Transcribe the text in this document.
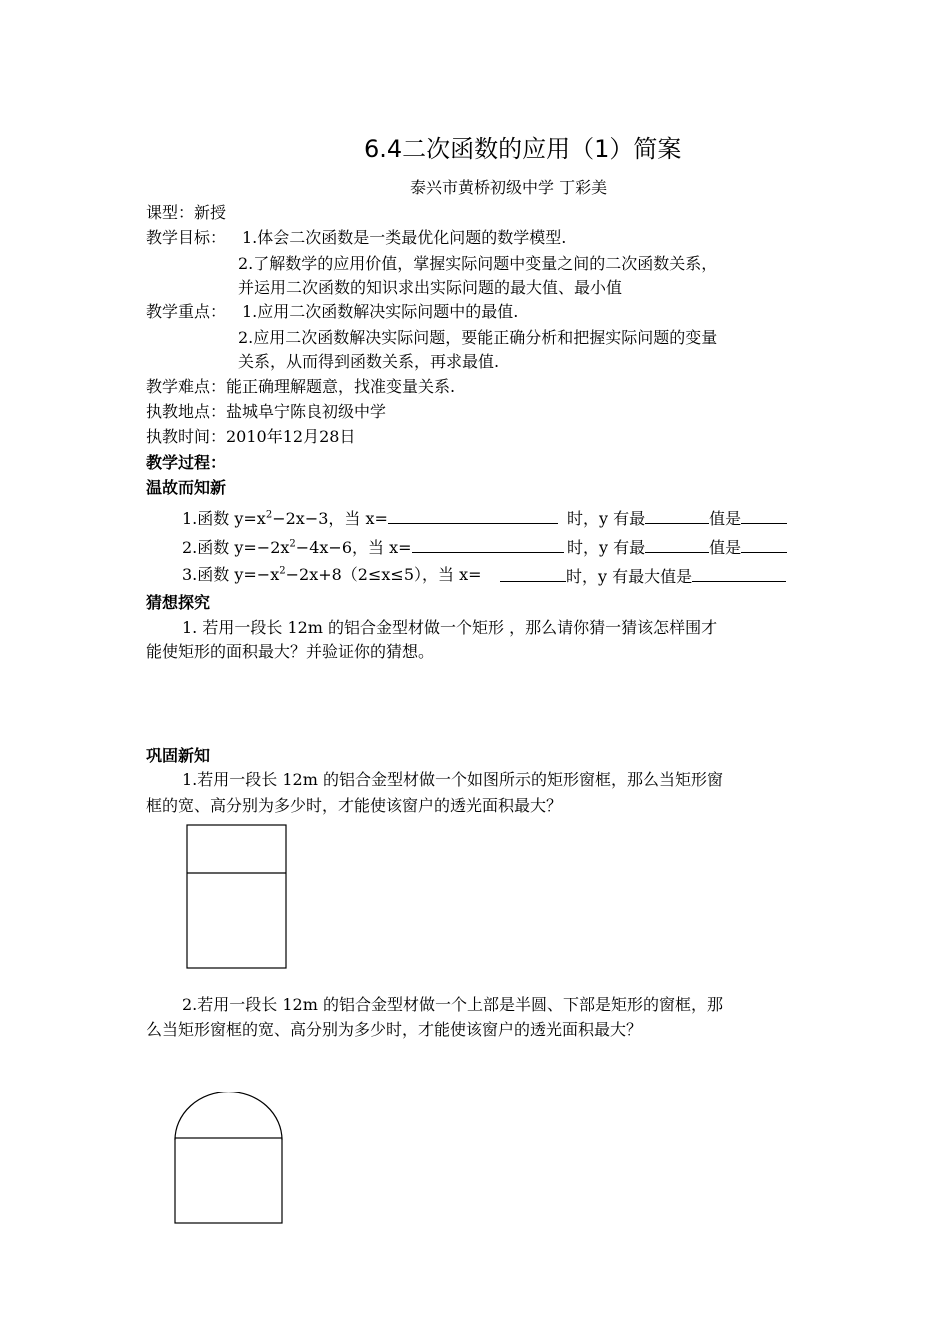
6.4二次函数的应用（1）简案
泰兴市黄桥初级中学 丁彩美
课型：新授
教学目标： 1.体会二次函数是一类最优化问题的数学模型.
2.了解数学的应用价值，掌握实际问题中变量之间的二次函数关系，
并运用二次函数的知识求出实际问题的最大值、最小值
教学重点： 1.应用二次函数解决实际问题中的最值.
2.应用二次函数解决实际问题，要能正确分析和把握实际问题的变量
关系，从而得到函数关系，再求最值.
教学难点：能正确理解题意，找准变量关系.
执教地点：盐城阜宁陈良初级中学
执教时间：2010年12月28日
教学过程：
温故而知新
1.函数 $y=x^2-2x-3$，当 x=	时，y 有最	值是
2.函数 $y=-2x^2-4x-6$，当 x=	时，y 有最	值是
3.函数 $y=-x^2-2x+8(2\le x\le 5)$，当 x=	时，y 有最大值是
猜想探究
1. 若用一段长 12m 的铝合金型材做一个矩形 ，那么请你猜一猜该怎样围才
能使矩形的面积最大？并验证你的猜想。
巩固新知
1.若用一段长 12m 的铝合金型材做一个如图所示的矩形窗框，那么当矩形窗
框的宽、高分别为多少时，才能使该窗户的透光面积最大？
2.若用一段长 12m 的铝合金型材做一个上部是半圆、下部是矩形的窗框，那
么当矩形窗框的宽、高分别为多少时，才能使该窗户的透光面积最大？
